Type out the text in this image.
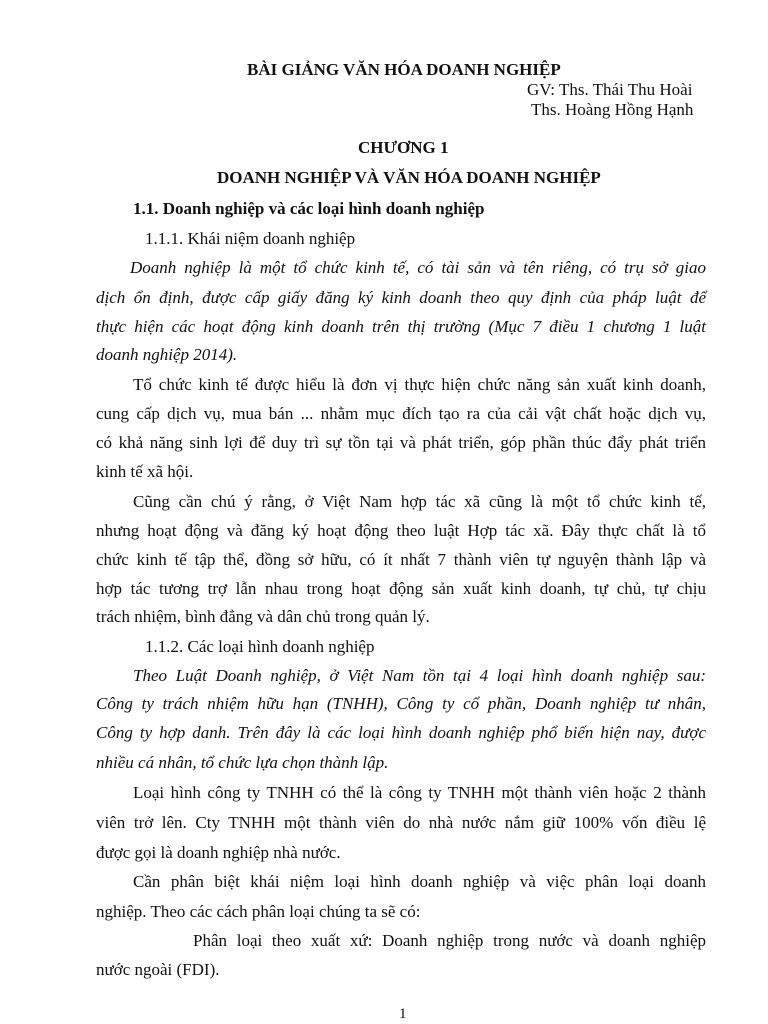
BÀI GIẢNG VĂN HÓA DOANH NGHIỆP
GV: Ths. Thái Thu Hoài
Ths. Hoàng Hồng Hạnh
CHƯƠNG 1
DOANH NGHIỆP VÀ VĂN HÓA DOANH NGHIỆP
1.1. Doanh nghiệp và các loại hình doanh nghiệp
1.1.1. Khái niệm doanh nghiệp
Doanh nghiệp là một tổ chức kinh tế, có tài sản và tên riêng, có trụ sở giao
dịch ổn định, được cấp giấy đăng ký kinh doanh theo quy định của pháp luật để
thực hiện các hoạt động kinh doanh trên thị trường (Mục 7 điều 1 chương 1 luật
doanh nghiệp 2014).
Tổ chức kinh tế được hiểu là đơn vị thực hiện chức năng sản xuất kinh doanh,
cung cấp dịch vụ, mua bán ... nhằm mục đích tạo ra của cải vật chất hoặc dịch vụ,
có khả năng sinh lợi để duy trì sự tồn tại và phát triển, góp phần thúc đẩy phát triển
kinh tế xã hội.
Cũng cần chú ý rằng, ở Việt Nam hợp tác xã cũng là một tổ chức kinh tế,
nhưng hoạt động và đăng ký hoạt động theo luật Hợp tác xã. Đây thực chất là tổ
chức kinh tế tập thể, đồng sở hữu, có ít nhất 7 thành viên tự nguyện thành lập và
hợp tác tương trợ lẫn nhau trong hoạt động sản xuất kinh doanh, tự chủ, tự chịu
trách nhiệm, bình đẳng và dân chủ trong quản lý.
1.1.2. Các loại hình doanh nghiệp
Theo Luật Doanh nghiệp, ở Việt Nam tồn tại 4 loại hình doanh nghiệp sau:
Công ty trách nhiệm hữu hạn (TNHH), Công ty cổ phần, Doanh nghiệp tư nhân,
Công ty hợp danh. Trên đây là các loại hình doanh nghiệp phổ biến hiện nay, được
nhiều cá nhân, tổ chức lựa chọn thành lập.
Loại hình công ty TNHH có thể là công ty TNHH một thành viên hoặc 2 thành
viên trở lên. Cty TNHH một thành viên do nhà nước nắm giữ 100% vốn điều lệ
được gọi là doanh nghiệp nhà nước.
Cần phân biệt khái niệm loại hình doanh nghiệp và việc phân loại doanh
nghiệp. Theo các cách phân loại chúng ta sẽ có:
Phân loại theo xuất xứ: Doanh nghiệp trong nước và doanh nghiệp
nước ngoài (FDI).
1
